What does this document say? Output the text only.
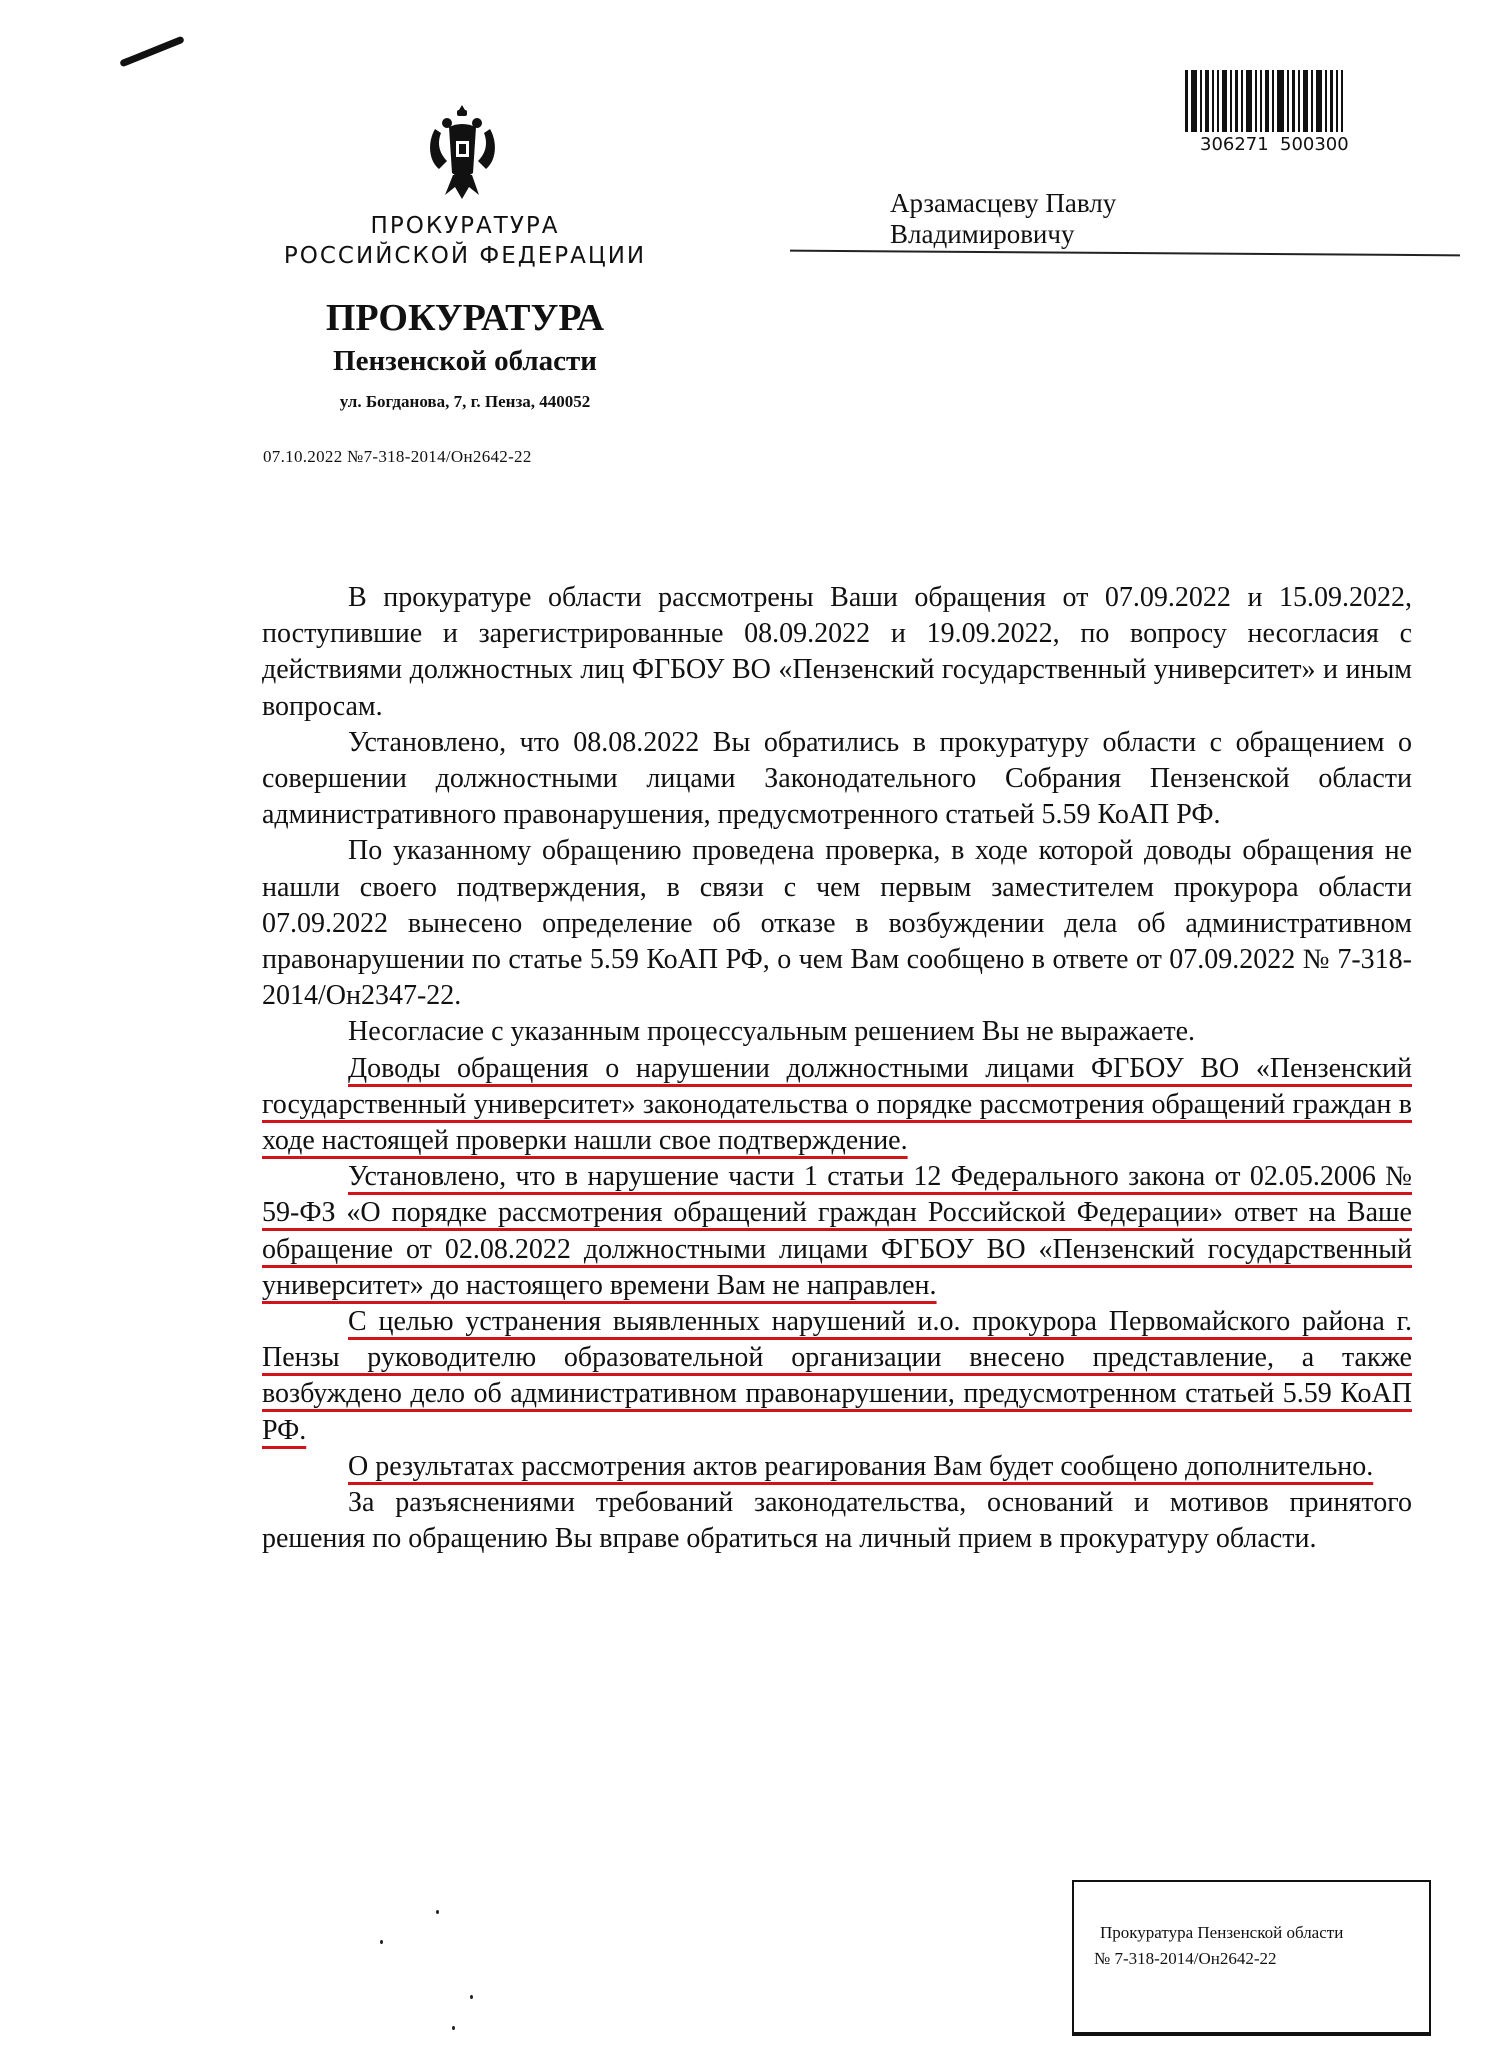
ПРОКУРАТУРА
РОССИЙСКОЙ ФЕДЕРАЦИИ
ПРОКУРАТУРА
Пензенской области
ул. Богданова, 7, г. Пенза, 440052
07.10.2022 №7-318-2014/Он2642-22
306271 500300
Арзамасцеву Павлу
Владимировичу

В прокуратуре области рассмотрены Ваши обращения от 07.09.2022 и 15.09.2022, поступившие и зарегистрированные 08.09.2022 и 19.09.2022, по вопросу несогласия с действиями должностных лиц ФГБОУ ВО «Пензенский государственный университет» и иным вопросам.

Установлено, что 08.08.2022 Вы обратились в прокуратуру области с обращением о совершении должностными лицами Законодательного Собрания Пензенской области административного правонарушения, предусмотренного статьей 5.59 КоАП РФ.

По указанному обращению проведена проверка, в ходе которой доводы обращения не нашли своего подтверждения, в связи с чем первым заместителем прокурора области 07.09.2022 вынесено определение об отказе в возбуждении дела об административном правонарушении по статье 5.59 КоАП РФ, о чем Вам сообщено в ответе от 07.09.2022 № 7-318-2014/Он2347-22.

Несогласие с указанным процессуальным решением Вы не выражаете.

Доводы обращения о нарушении должностными лицами ФГБОУ ВО «Пензенский государственный университет» законодательства о порядке рассмотрения обращений граждан в ходе настоящей проверки нашли свое подтверждение.

Установлено, что в нарушение части 1 статьи 12 Федерального закона от 02.05.2006 № 59-ФЗ «О порядке рассмотрения обращений граждан Российской Федерации» ответ на Ваше обращение от 02.08.2022 должностными лицами ФГБОУ ВО «Пензенский государственный университет» до настоящего времени Вам не направлен.

С целью устранения выявленных нарушений и.о. прокурора Первомайского района г. Пензы руководителю образовательной организации внесено представление, а также возбуждено дело об административном правонарушении, предусмотренном статьей 5.59 КоАП РФ.

О результатах рассмотрения актов реагирования Вам будет сообщено дополнительно.

За разъяснениями требований законодательства, оснований и мотивов принятого решения по обращению Вы вправе обратиться на личный прием в прокуратуру области.

Прокуратура Пензенской области
№ 7-318-2014/Он2642-22
